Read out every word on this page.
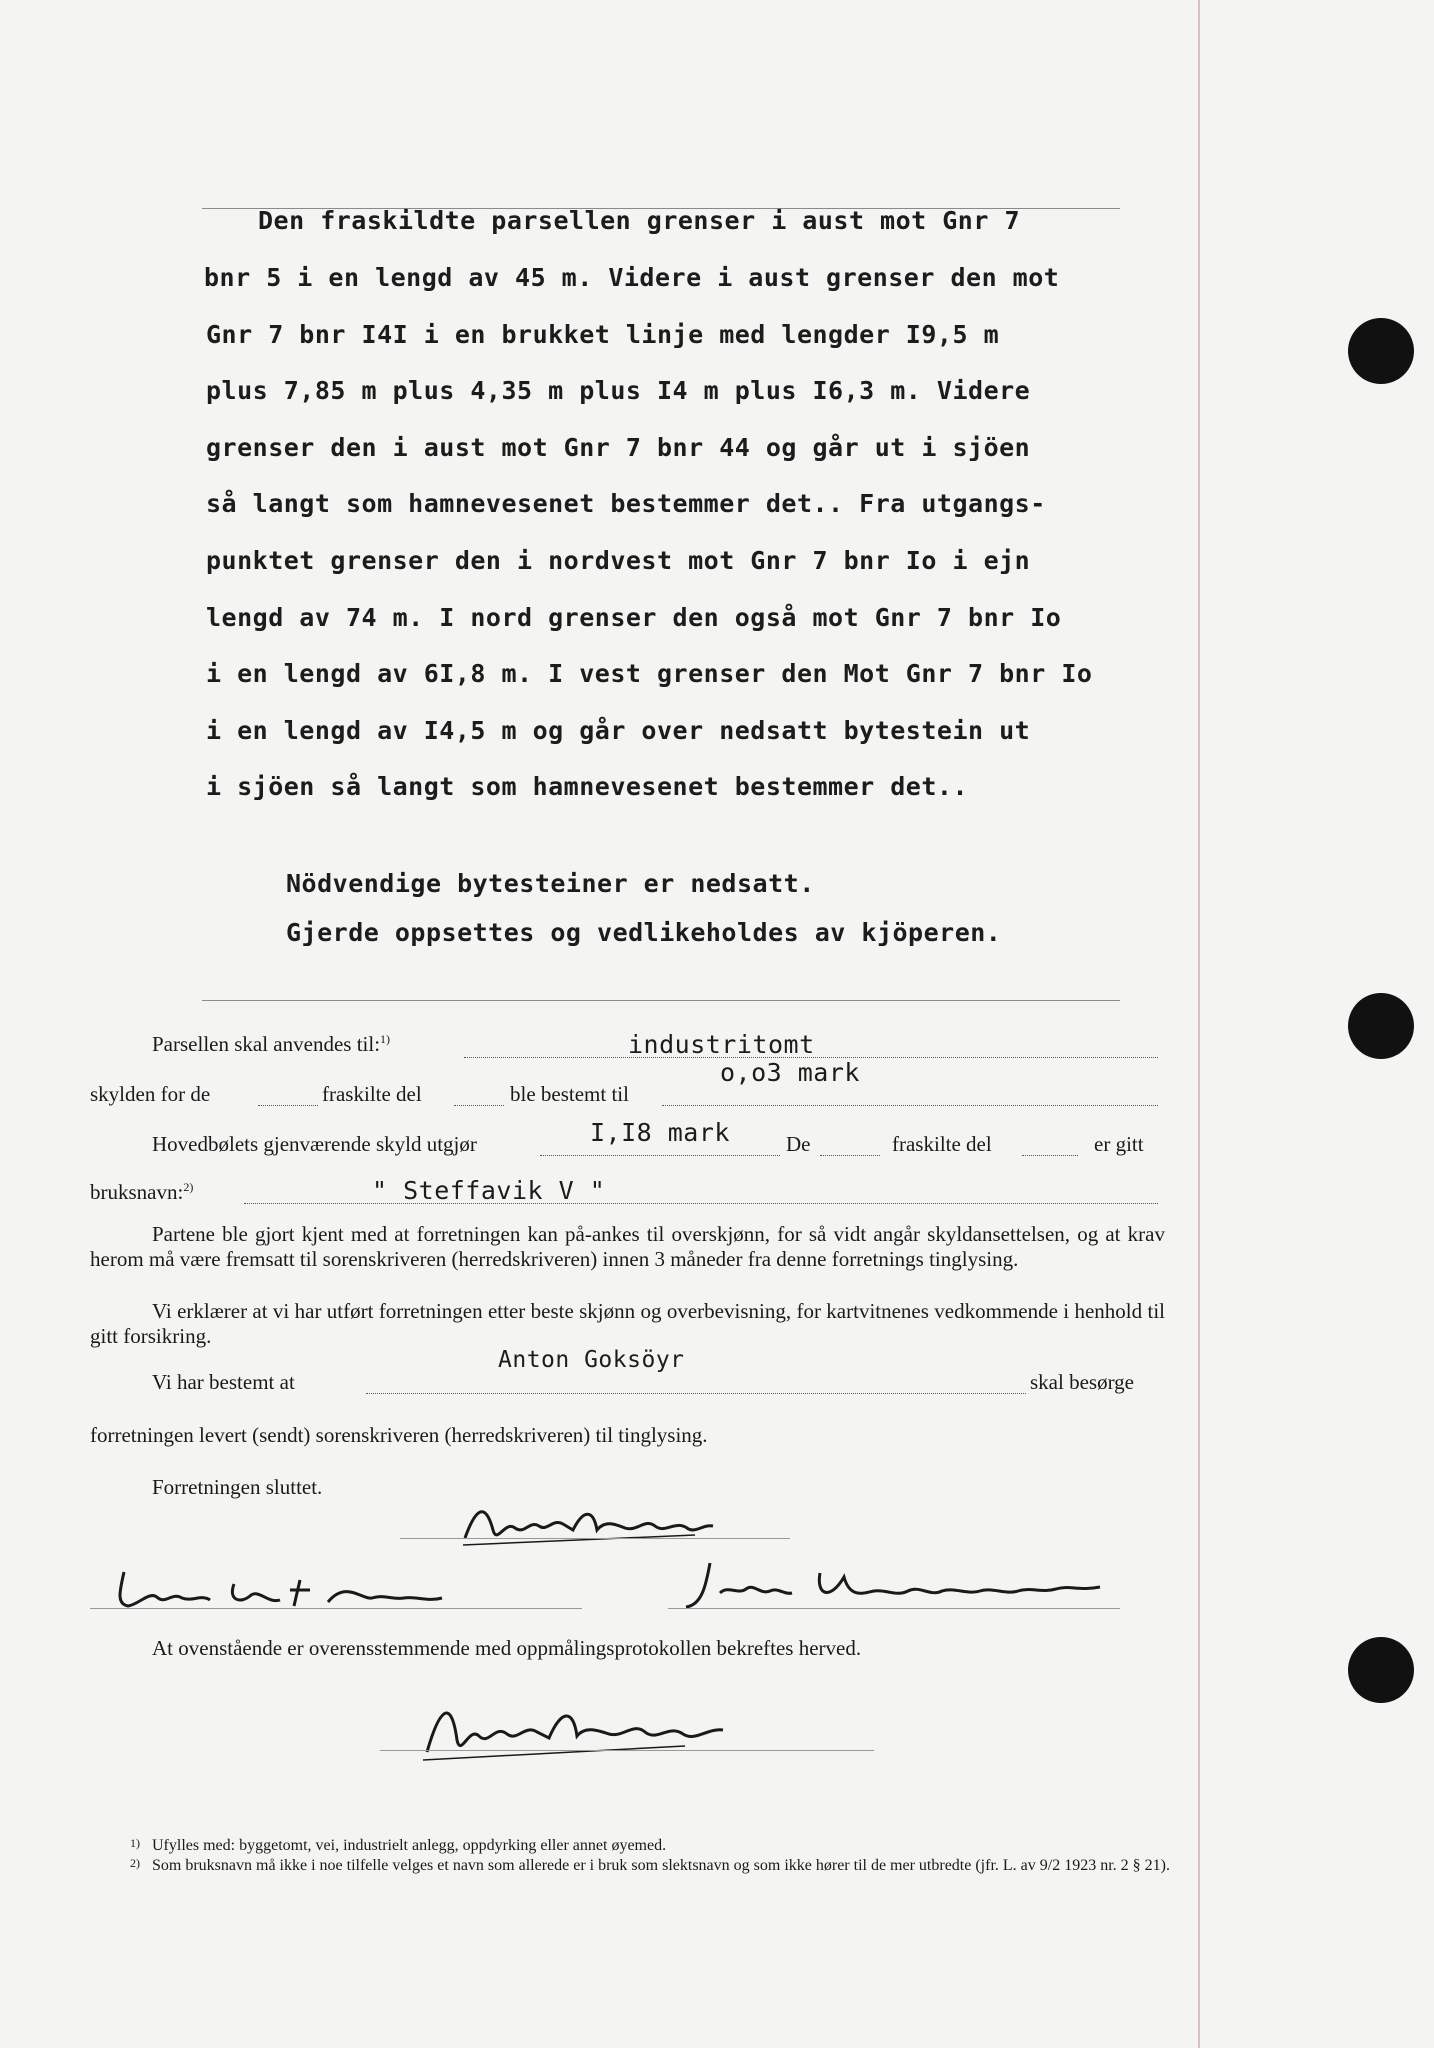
Den fraskildte parsellen grenser i aust mot Gnr 7
bnr 5 i en lengd av 45 m. Videre i aust grenser den mot
Gnr 7 bnr I4I i en brukket linje med lengder I9,5 m
plus 7,85 m plus 4,35 m plus I4 m plus I6,3 m. Videre
grenser den i aust mot Gnr 7 bnr 44 og går ut i sjöen
så langt som hamnevesenet bestemmer det.. Fra utgangs-
punktet grenser den i nordvest mot Gnr 7 bnr Io i ejn
lengd av 74 m. I nord grenser den også mot Gnr 7 bnr Io
i en lengd av 6I,8 m. I vest grenser den Mot Gnr 7 bnr Io
i en lengd av I4,5 m og går over nedsatt bytestein ut
i sjöen så langt som hamnevesenet bestemmer det..
Nödvendige bytesteiner er nedsatt.
Gjerde oppsettes og vedlikeholdes av kjöperen.
Parsellen skal anvendes til:$^{1)}$	industritomt
skylden for de	fraskilte del	ble bestemt til
o,o3 mark
Hovedbølets gjenværende skyld utgjør	I,I8 mark	De	fraskilte del	er gitt
bruksnavn:$^{2)}$	" Steffavik V "
Partene ble gjort kjent med at forretningen kan på-ankes til overskjønn, for så vidt angår skyldansettelsen, og at krav herom må være fremsatt til sorenskriveren (herredskriveren) innen 3 måneder fra denne forretnings tinglysing.
Vi erklærer at vi har utført forretningen etter beste skjønn og overbevisning, for kartvitnenes vedkommende i henhold til gitt forsikring.
Vi har bestemt at
Anton Goksöyr
skal besørge
forretningen levert (sendt) sorenskriveren (herredskriveren) til tinglysing.
Forretningen sluttet.
At ovenstående er overensstemmende med oppmålingsprotokollen bekreftes herved.
1) Ufylles med: byggetomt, vei, industrielt anlegg, oppdyrking eller annet øyemed.
2) Som bruksnavn må ikke i noe tilfelle velges et navn som allerede er i bruk som slektsnavn og som ikke hører til de mer utbredte (jfr. L. av 9/2 1923 nr. 2 § 21).
